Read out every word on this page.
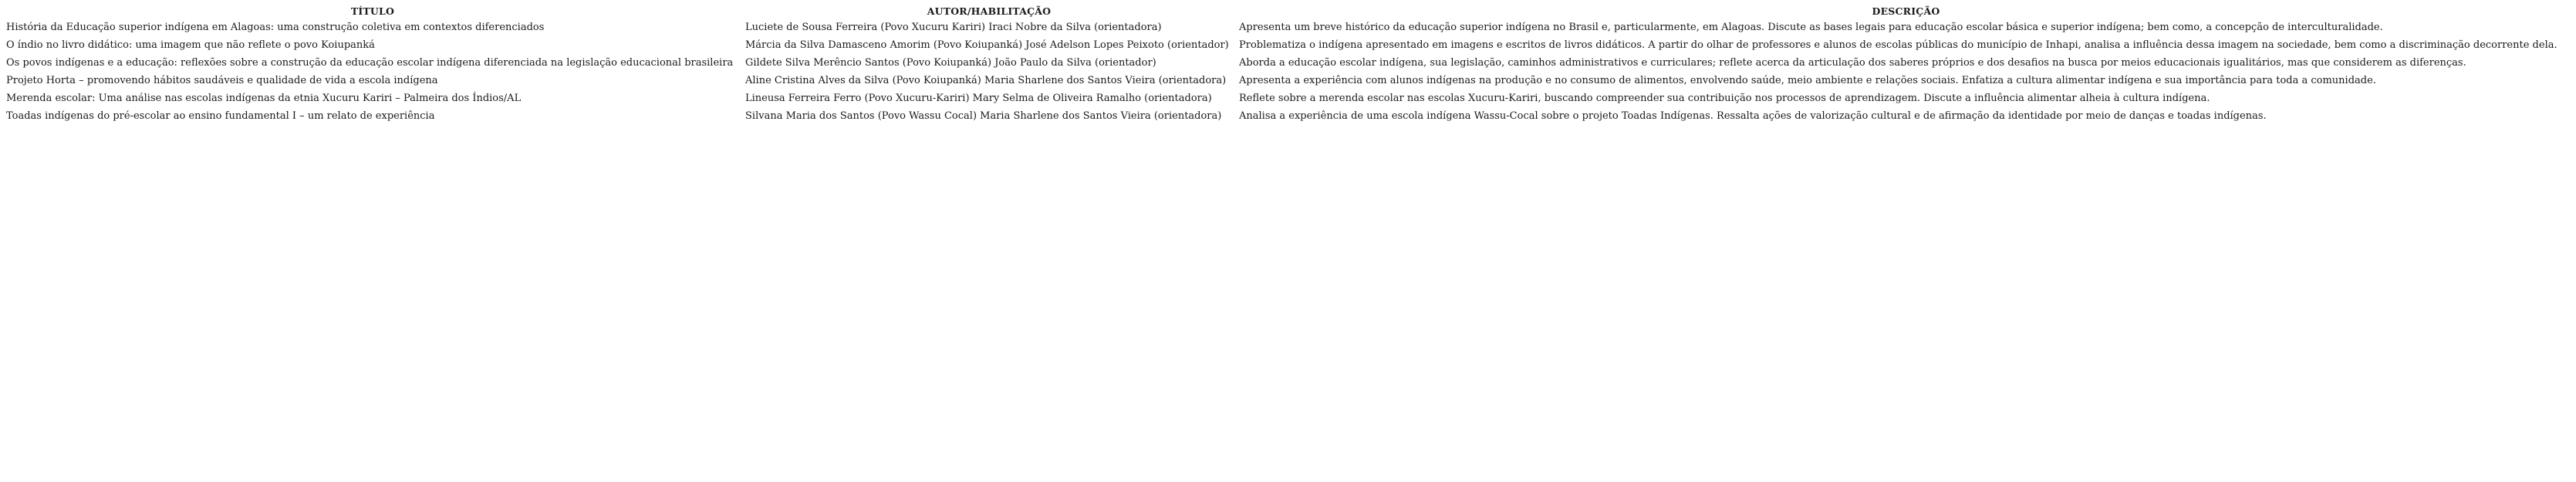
TÍTULO	AUTOR/HABILITAÇÃO	DESCRIÇÃO
História da Educação superior indígena em Alagoas: uma construção coletiva em contextos diferenciados	Luciete de Sousa Ferreira (Povo Xucuru Kariri) Iraci Nobre da Silva (orientadora)	Apresenta um breve histórico da educação superior indígena no Brasil e, particularmente, em Alagoas. Discute as bases legais para educação escolar básica e superior indígena; bem como, a concepção de interculturalidade.
O índio no livro didático: uma imagem que não reflete o povo Koiupanká	Márcia da Silva Damasceno Amorim (Povo Koiupanká) José Adelson Lopes Peixoto (orientador)	Problematiza o indígena apresentado em imagens e escritos de livros didáticos. A partir do olhar de professores e alunos de escolas públicas do município de Inhapi, analisa a influência dessa imagem na sociedade, bem como a discriminação decorrente dela.
Os povos indígenas e a educação: reflexões sobre a construção da educação escolar indígena diferenciada na legislação educacional brasileira	Gildete Silva Merêncio Santos (Povo Koiupanká) João Paulo da Silva (orientador)	Aborda a educação escolar indígena, sua legislação, caminhos administrativos e curriculares; reflete acerca da articulação dos saberes próprios e dos desafios na busca por meios educacionais igualitários, mas que considerem as diferenças.
Projeto Horta – promovendo hábitos saudáveis e qualidade de vida a escola indígena	Aline Cristina Alves da Silva (Povo Koiupanká) Maria Sharlene dos Santos Vieira (orientadora)	Apresenta a experiência com alunos indígenas na produção e no consumo de alimentos, envolvendo saúde, meio ambiente e relações sociais. Enfatiza a cultura alimentar indígena e sua importância para toda a comunidade.
Merenda escolar: Uma análise nas escolas indígenas da etnia Xucuru Kariri – Palmeira dos Índios/AL	Lineusa Ferreira Ferro (Povo Xucuru-Kariri) Mary Selma de Oliveira Ramalho (orientadora)	Reflete sobre a merenda escolar nas escolas Xucuru-Kariri, buscando compreender sua contribuição nos processos de aprendizagem. Discute a influência alimentar alheia à cultura indígena.
Toadas indígenas do pré-escolar ao ensino fundamental I – um relato de experiência	Silvana Maria dos Santos (Povo Wassu Cocal) Maria Sharlene dos Santos Vieira (orientadora)	Analisa a experiência de uma escola indígena Wassu-Cocal sobre o projeto Toadas Indígenas. Ressalta ações de valorização cultural e de afirmação da identidade por meio de danças e toadas indígenas.
